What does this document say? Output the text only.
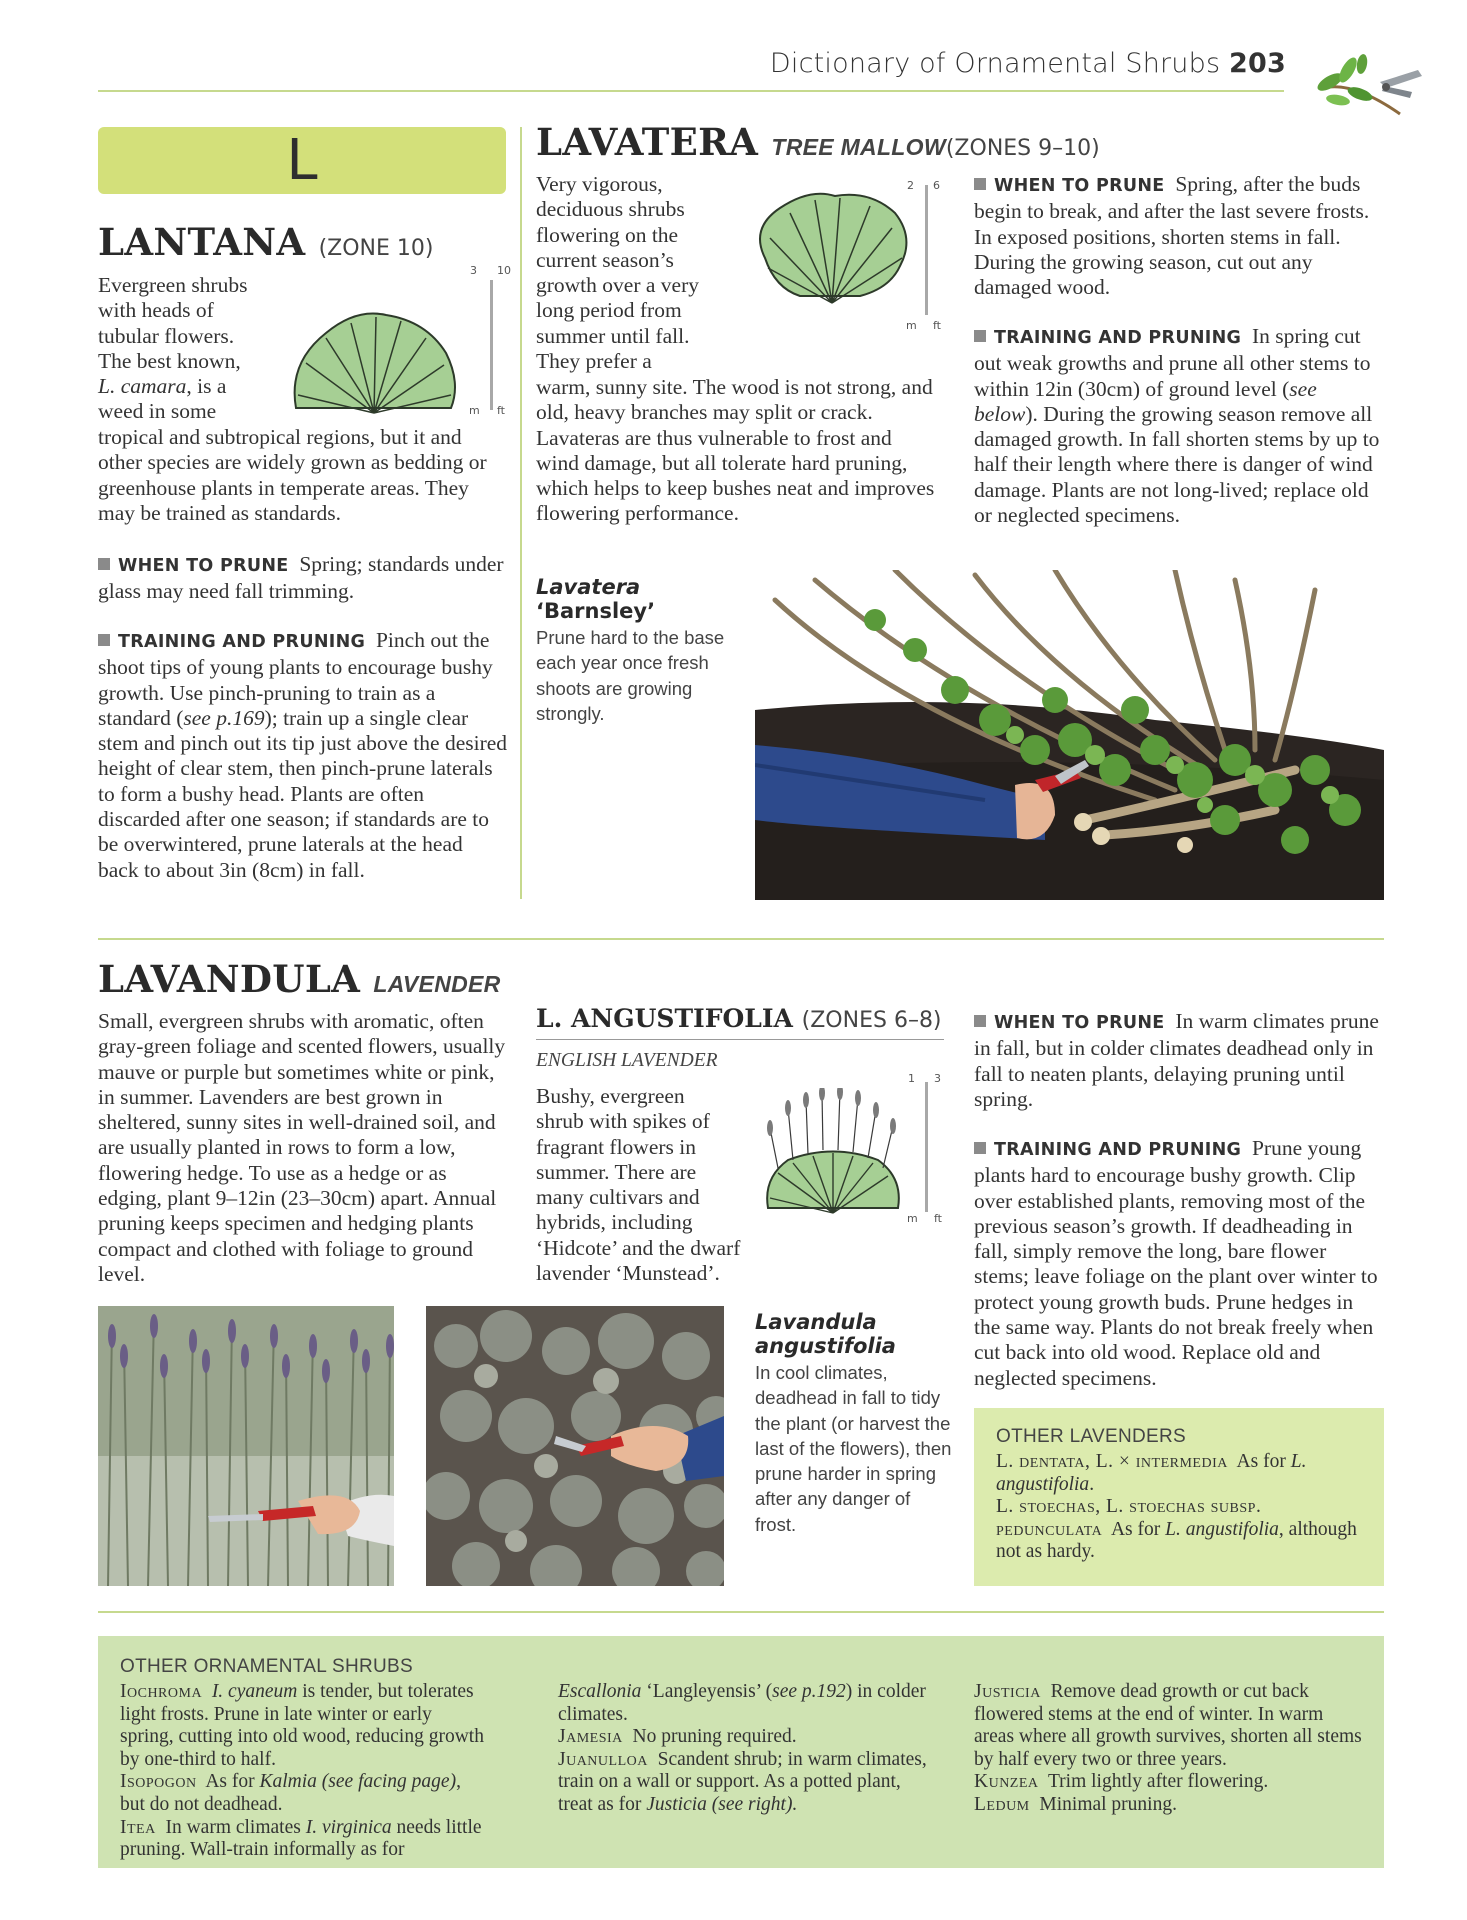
Dictionary of Ornamental Shrubs 203
L
LANTANA (ZONE 10)
Evergreen shrubs
with heads of
tubular flowers.
The best known,
L. camara, is a
weed in some
3 10
m ft
tropical and subtropical regions, but it and other species are widely grown as bedding or greenhouse plants in temperate areas. They may be trained as standards.
WHEN TO PRUNE Spring; standards under glass may need fall trimming.
TRAINING AND PRUNING Pinch out the shoot tips of young plants to encourage bushy growth. Use pinch-pruning to train as a standard (see p.169); train up a single clear stem and pinch out its tip just above the desired height of clear stem, then pinch-prune laterals to form a bushy head. Plants are often discarded after one season; if standards are to be overwintered, prune laterals at the head back to about 3in (8cm) in fall.
LAVATERA TREE MALLOW(ZONES 9–10)
Very vigorous,
deciduous shrubs
flowering on the
current season’s
growth over a very
long period from
summer until fall.
They prefer a
2 6
m ft
warm, sunny site. The wood is not strong, and old, heavy branches may split or crack. Lavateras are thus vulnerable to frost and wind damage, but all tolerate hard pruning, which helps to keep bushes neat and improves flowering performance.
WHEN TO PRUNE Spring, after the buds begin to break, and after the last severe frosts. In exposed positions, shorten stems in fall. During the growing season, cut out any damaged wood.
TRAINING AND PRUNING In spring cut out weak growths and prune all other stems to within 12in (30cm) of ground level (see below). During the growing season remove all damaged growth. In fall shorten stems by up to half their length where there is danger of wind damage. Plants are not long-lived; replace old or neglected specimens.
Lavatera
‘Barnsley’
Prune hard to the base each year once fresh shoots are growing strongly.
LAVANDULA LAVENDER
Small, evergreen shrubs with aromatic, often gray-green foliage and scented flowers, usually mauve or purple but sometimes white or pink, in summer. Lavenders are best grown in sheltered, sunny sites in well-drained soil, and are usually planted in rows to form a low, flowering hedge. To use as a hedge or as edging, plant 9–12in (23–30cm) apart. Annual pruning keeps specimen and hedging plants compact and clothed with foliage to ground level.
L. ANGUSTIFOLIA (ZONES 6–8)
ENGLISH LAVENDER
Bushy, evergreen
shrub with spikes of
fragrant flowers in
summer. There are
many cultivars and
hybrids, including
‘Hidcote’ and the dwarf
lavender ‘Munstead’.
1 3
m ft
WHEN TO PRUNE In warm climates prune in fall, but in colder climates deadhead only in fall to neaten plants, delaying pruning until spring.
TRAINING AND PRUNING Prune young plants hard to encourage bushy growth. Clip over established plants, removing most of the previous season’s growth. If deadheading in fall, simply remove the long, bare flower stems; leave foliage on the plant over winter to protect young growth buds. Prune hedges in the same way. Plants do not break freely when cut back into old wood. Replace old and neglected specimens.
Lavandula
angustifolia
In cool climates, deadhead in fall to tidy the plant (or harvest the last of the flowers), then prune harder in spring after any danger of frost.
OTHER LAVENDERS
L. dentata, L. × intermedia As for L. angustifolia.
L. stoechas, L. stoechas subsp. pedunculata As for L. angustifolia, although not as hardy.
OTHER ORNAMENTAL SHRUBS
Iochroma I. cyaneum is tender, but tolerates light frosts. Prune in late winter or early spring, cutting into old wood, reducing growth by one-third to half.
Isopogon As for Kalmia (see facing page), but do not deadhead.
Itea In warm climates I. virginica needs little pruning. Wall-train informally as for Escallonia ‘Langleyensis’ (see p.192) in colder climates.
Jamesia No pruning required.
Juanulloa Scandent shrub; in warm climates, train on a wall or support. As a potted plant, treat as for Justicia (see right).
Justicia Remove dead growth or cut back flowered stems at the end of winter. In warm areas where all growth survives, shorten all stems by half every two or three years.
Kunzea Trim lightly after flowering.
Ledum Minimal pruning.
